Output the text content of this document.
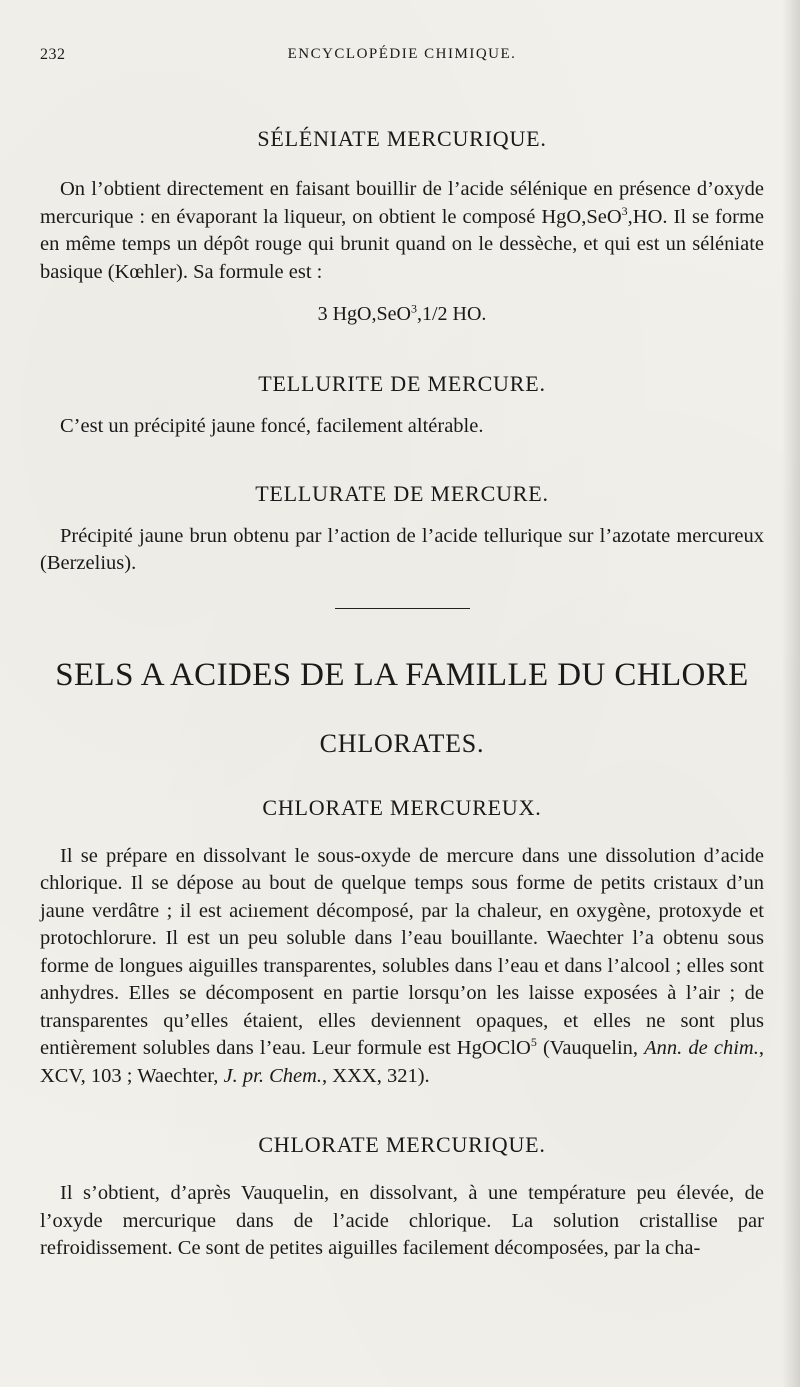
232	ENCYCLOPÉDIE CHIMIQUE.
SÉLÉNIATE MERCURIQUE.

On l’obtient directement en faisant bouillir de l’acide sélénique en présence d’oxyde mercurique : en évaporant la liqueur, on obtient le composé HgO,SeO$^3$,HO. Il se forme en même temps un dépôt rouge qui brunit quand on le dessèche, et qui est un séléniate basique (Kœhler). Sa formule est :

3 HgO,SeO$^3$,1/2 HO.

TELLURITE DE MERCURE.

C’est un précipité jaune foncé, facilement altérable.

TELLURATE DE MERCURE.

Précipité jaune brun obtenu par l’action de l’acide tellurique sur l’azotate mercureux (Berzelius).

SELS A ACIDES DE LA FAMILLE DU CHLORE
CHLORATES.
CHLORATE MERCUREUX.

Il se prépare en dissolvant le sous-oxyde de mercure dans une dissolution d’acide chlorique. Il se dépose au bout de quelque temps sous forme de petits cristaux d’un jaune verdâtre ; il est aciıement décomposé, par la chaleur, en oxygène, protoxyde et protochlorure. Il est un peu soluble dans l’eau bouillante. Waechter l’a obtenu sous forme de longues aiguilles transparentes, solubles dans l’eau et dans l’alcool ; elles sont anhydres. Elles se décomposent en partie lorsqu’on les laisse exposées à l’air ; de transparentes qu’elles étaient, elles deviennent opaques, et elles ne sont plus entièrement solubles dans l’eau. Leur formule est HgOClO$^5$ (Vauquelin, Ann. de chim., XCV, 103 ; Waechter, J. pr. Chem., XXX, 321).

CHLORATE MERCURIQUE.

Il s’obtient, d’après Vauquelin, en dissolvant, à une température peu élevée, de l’oxyde mercurique dans de l’acide chlorique. La solution cristallise par refroidissement. Ce sont de petites aiguilles facilement décomposées, par la cha-
